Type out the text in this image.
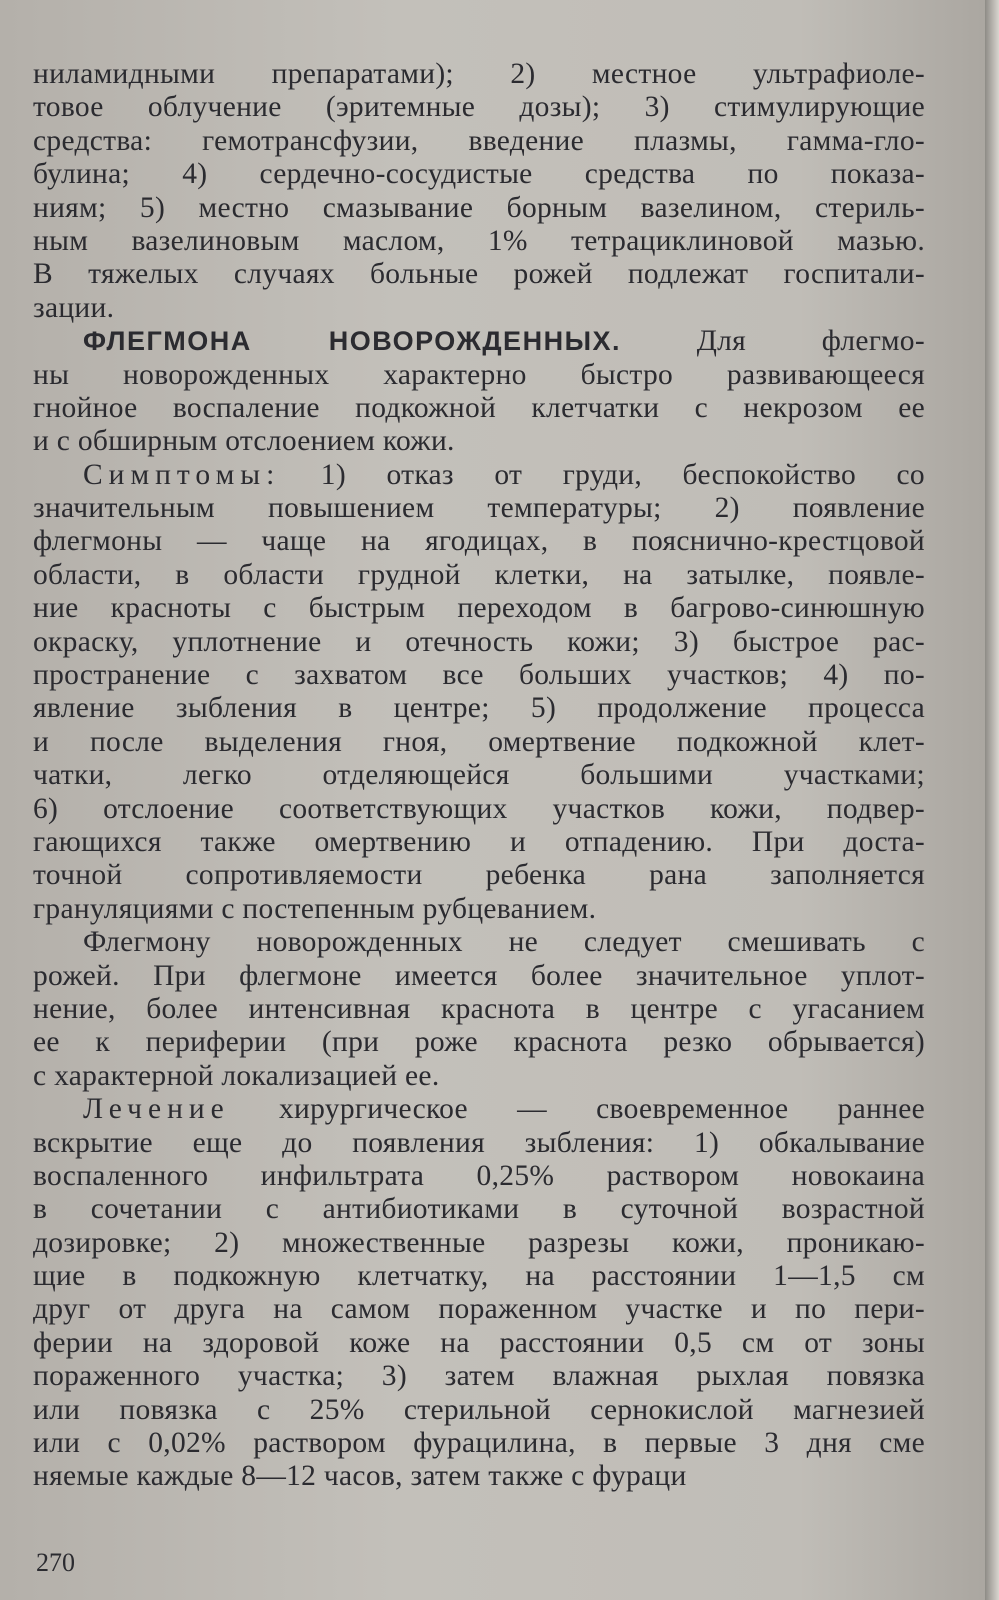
ниламидными препаратами); 2) местное ультрафиоле-
товое облучение (эритемные дозы); 3) стимулирующие
средства: гемотрансфузии, введение плазмы, гамма-гло-
булина; 4) сердечно-сосудистые средства по показа-
ниям; 5) местно смазывание борным вазелином, стериль-
ным вазелиновым маслом, 1% тетрациклиновой мазью.
В тяжелых случаях больные рожей подлежат госпитали-
зации.
ФЛЕГМОНА НОВОРОЖДЕННЫХ.	Для флегмо-
ны новорожденных характерно быстро развивающееся
гнойное воспаление подкожной клетчатки с некрозом ее
и с обширным отслоением кожи.
Симптомы: 1) отказ от груди, беспокойство со
значительным повышением температуры; 2) появление
флегмоны — чаще на ягодицах, в пояснично-крестцовой
области, в области грудной клетки, на затылке, появле-
ние красноты с быстрым переходом в багрово-синюшную
окраску, уплотнение и отечность кожи; 3) быстрое рас-
пространение с захватом все больших участков; 4) по-
явление зыбления в центре; 5) продолжение процесса
и после выделения гноя, омертвение подкожной клет-
чатки, легко отделяющейся большими участками;
6) отслоение соответствующих участков кожи, подвер-
гающихся также омертвению и отпадению. При доста-
точной сопротивляемости ребенка рана заполняется
грануляциями с постепенным рубцеванием.
Флегмону новорожденных не следует смешивать с
рожей. При флегмоне имеется более значительное уплот-
нение, более интенсивная краснота в центре с угасанием
ее к периферии (при роже краснота резко обрывается)
с характерной локализацией ее.
Лечение хирургическое — своевременное раннее
вскрытие еще до появления зыбления: 1) обкалывание
воспаленного инфильтрата 0,25% раствором новокаина
в сочетании с антибиотиками в суточной возрастной
дозировке; 2) множественные разрезы кожи, проникаю-
щие в подкожную клетчатку, на расстоянии 1—1,5 см
друг от друга на самом пораженном участке и по пери-
ферии на здоровой коже на расстоянии 0,5 см от зоны
пораженного участка; 3) затем влажная рыхлая повязка
или повязка с 25% стерильной сернокислой магнезией
или с 0,02% раствором фурацилина, в первые 3 дня сме
няемые каждые 8—12 часов, затем также с фураци
270
